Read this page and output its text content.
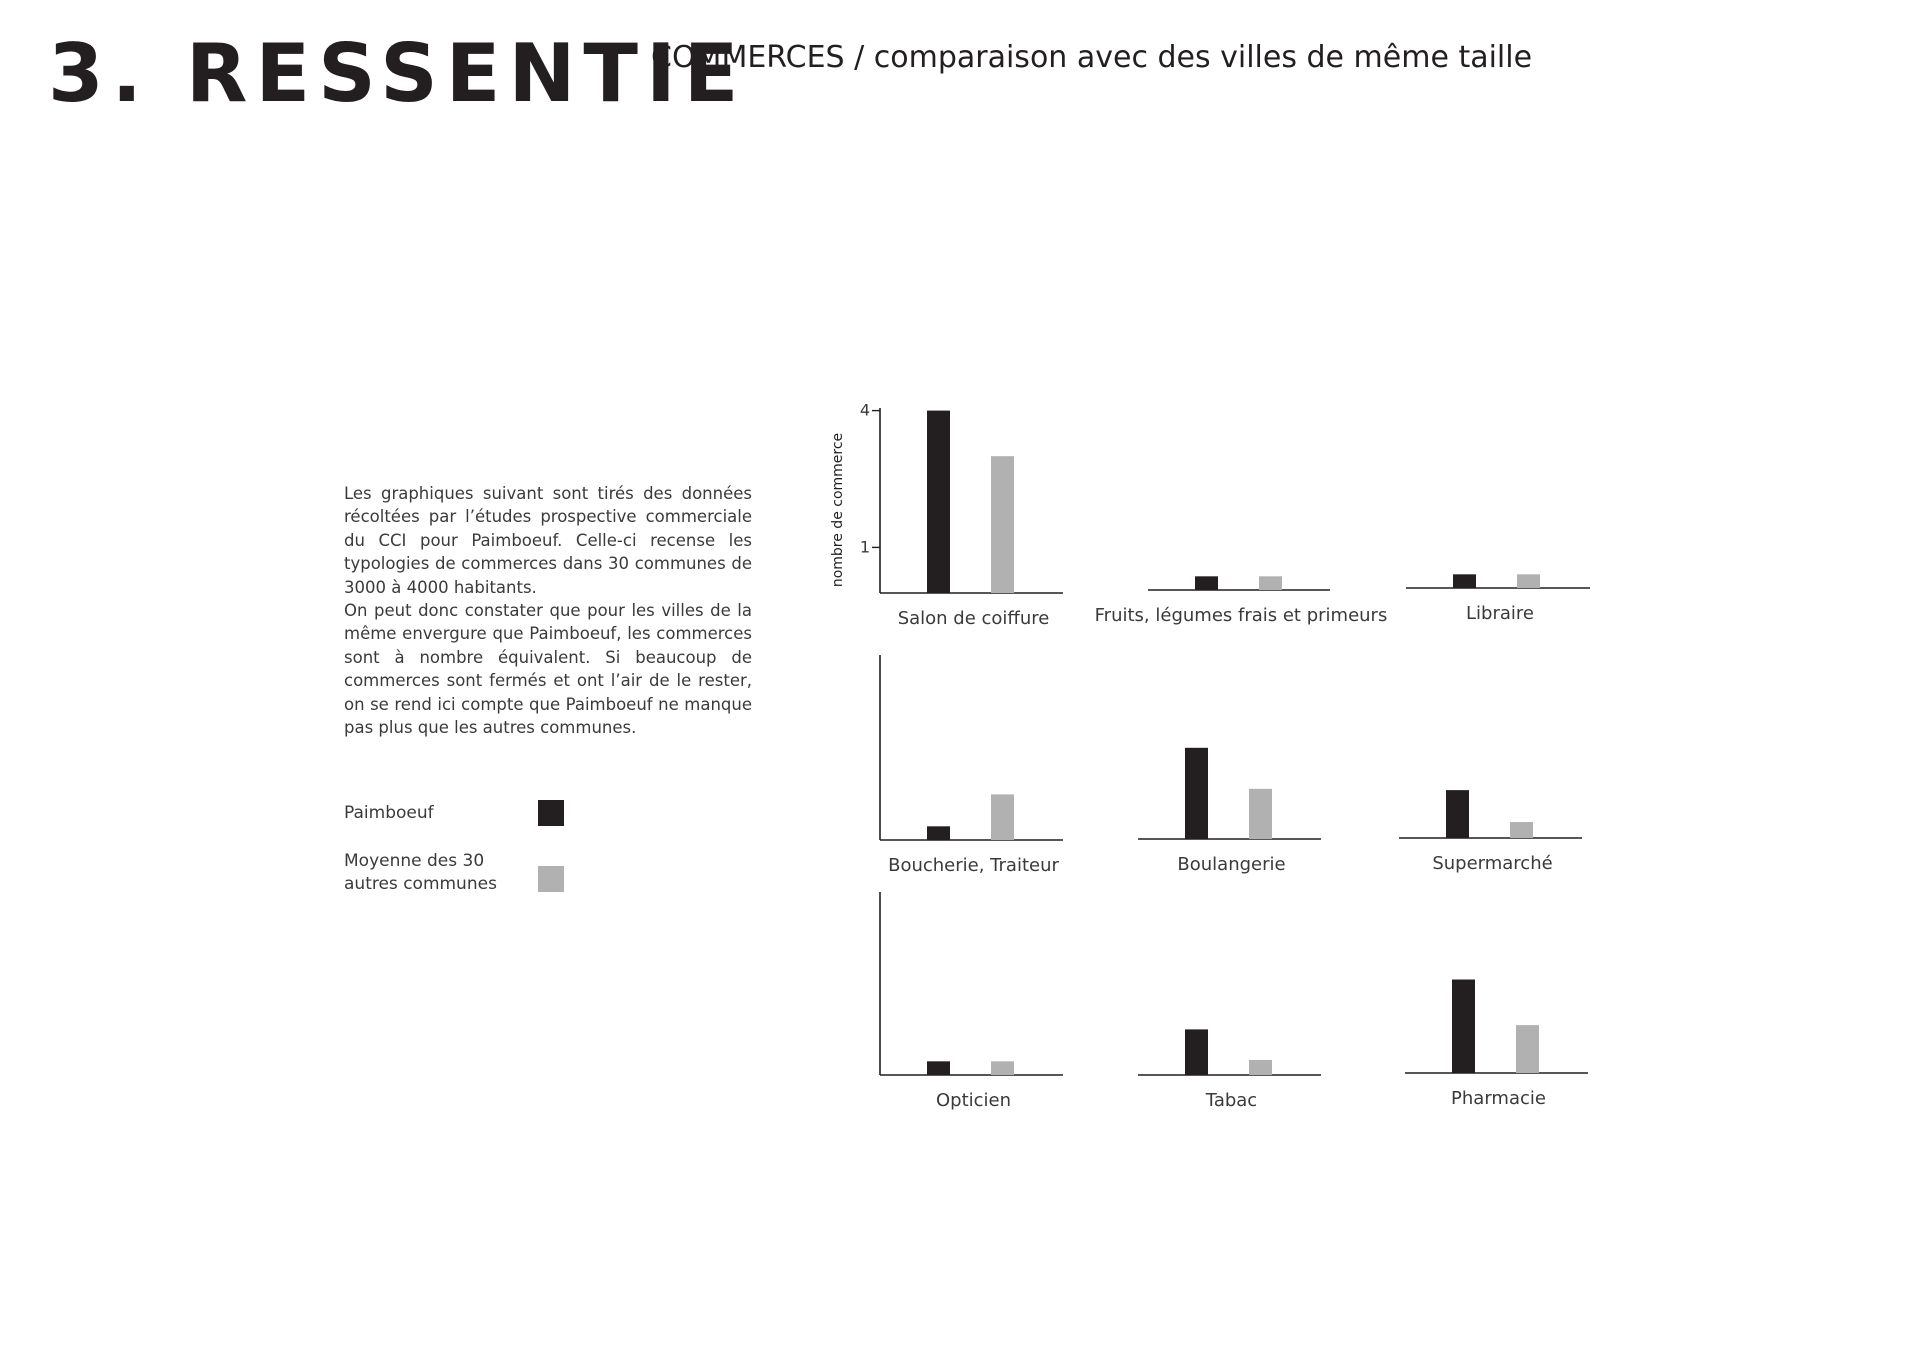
3. RESSENTIE
COMMERCES / comparaison avec des villes de même taille

Les graphiques suivant sont tirés des données récoltées par l’études prospective commerciale du CCI pour Paimboeuf. Celle-ci recense les typologies de commerces dans 30 communes de 3000 à 4000 habitants.

On peut donc constater que pour les villes de la même envergure que Paimboeuf, les commerces sont à nombre équivalent. Si beaucoup de commerces sont fermés et ont l’air de le rester, on se rend ici compte que Paimboeuf ne manque pas plus que les autres communes.

Paimboeuf
Moyenne des 30 autres communes
Salon de coiffure	Fruits, légumes frais et primeurs	Libraire
Boucherie, Traiteur	Boulangerie	Supermarché
Opticien	Tabac	Pharmacie
1
4
nombre de commerce
